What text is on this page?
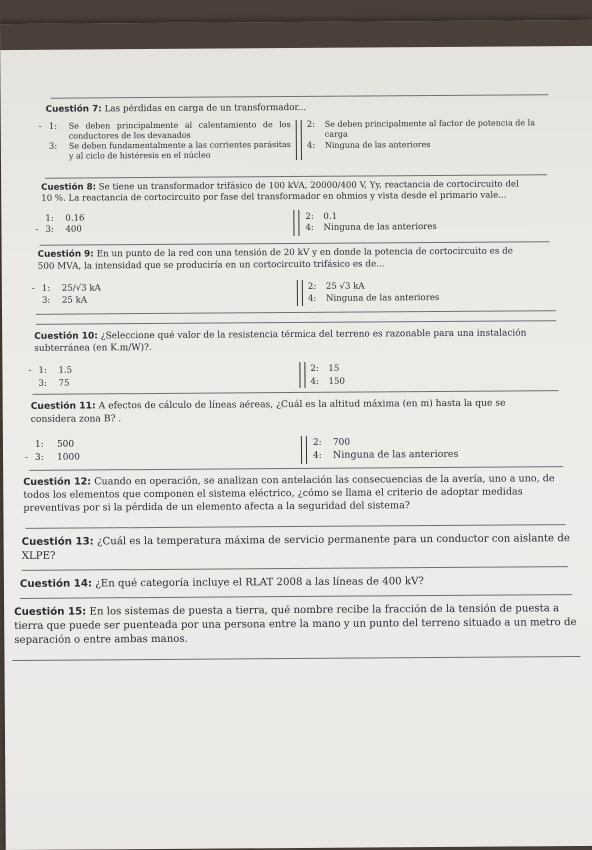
Cuestión 7: Las pérdidas en carga de un transformador...
- 1: Se deben principalmente al calentamiento de los conductores de los devanados
3: Se deben fundamentalmente a las corrientes parásitas y al ciclo de histéresis en el núcleo
2: Se deben principalmente al factor de potencia de la carga
4: Ninguna de las anteriores
Cuestión 8: Se tiene un transformador trifásico de 100 kVA, 20000/400 V, Yy, reactancia de cortocircuito del
10 %. La reactancia de cortocircuito por fase del transformador en ohmios y vista desde el primario vale...
1: 0.16
- 3: 400
2: 0.1
4: Ninguna de las anteriores
Cuestión 9: En un punto de la red con una tensión de 20 kV y en donde la potencia de cortocircuito es de
500 MVA, la intensidad que se produciría en un cortocircuito trifásico es de...
- 1: 25/√3 kA
3: 25 kA
2: 25 √3 kA
4: Ninguna de las anteriores
Cuestión 10: ¿Seleccione qué valor de la resistencia térmica del terreno es razonable para una instalación
subterránea (en K.m/W)?.
- 1: 1.5
3: 75
2: 15
4: 150
Cuestión 11: A efectos de cálculo de líneas aéreas, ¿Cuál es la altitud máxima (en m) hasta la que se
considera zona B? .
1: 500
- 3: 1000
2: 700
4: Ninguna de las anteriores
Cuestión 12: Cuando en operación, se analizan con antelación las consecuencias de la avería, uno a uno, de
todos los elementos que componen el sistema eléctrico, ¿cómo se llama el criterio de adoptar medidas
preventivas por si la pérdida de un elemento afecta a la seguridad del sistema?
Cuestión 13: ¿Cuál es la temperatura máxima de servicio permanente para un conductor con aislante de
XLPE?
Cuestión 14: ¿En qué categoría incluye el RLAT 2008 a las líneas de 400 kV?
Cuestión 15: En los sistemas de puesta a tierra, qué nombre recibe la fracción de la tensión de puesta a
tierra que puede ser puenteada por una persona entre la mano y un punto del terreno situado a un metro de
separación o entre ambas manos.
